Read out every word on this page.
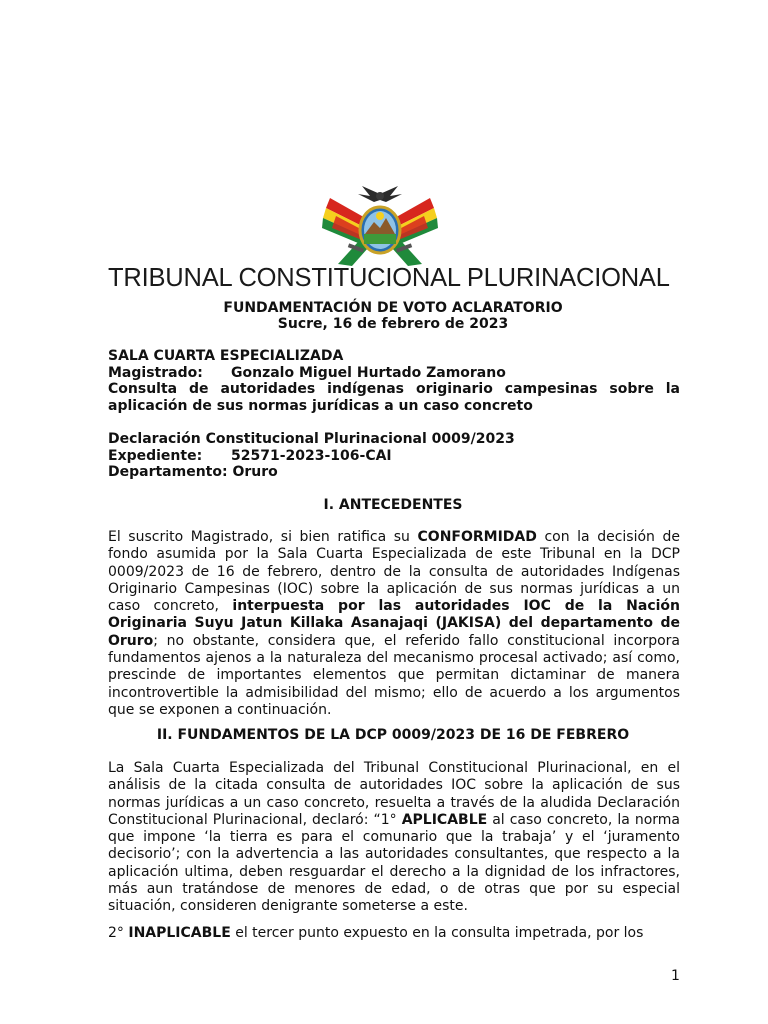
TRIBUNAL CONSTITUCIONAL PLURINACIONAL
FUNDAMENTACIÓN DE VOTO ACLARATORIO
Sucre, 16 de febrero de 2023
SALA CUARTA ESPECIALIZADA
Magistrado: Gonzalo Miguel Hurtado Zamorano
Consulta de autoridades indígenas originario campesinas sobre la aplicación de sus normas jurídicas a un caso concreto
Declaración Constitucional Plurinacional 0009/2023
Expediente: 52571-2023-106-CAI
Departamento: Oruro
I. ANTECEDENTES
El suscrito Magistrado, si bien ratifica su CONFORMIDAD con la decisión de fondo asumida por la Sala Cuarta Especializada de este Tribunal en la DCP 0009/2023 de 16 de febrero, dentro de la consulta de autoridades Indígenas Originario Campesinas (IOC) sobre la aplicación de sus normas jurídicas a un caso concreto, interpuesta por las autoridades IOC de la Nación Originaria Suyu Jatun Killaka Asanajaqi (JAKISA) del departamento de Oruro; no obstante, considera que, el referido fallo constitucional incorpora fundamentos ajenos a la naturaleza del mecanismo procesal activado; así como, prescinde de importantes elementos que permitan dictaminar de manera incontrovertible la admisibilidad del mismo; ello de acuerdo a los argumentos que se exponen a continuación.
II. FUNDAMENTOS DE LA DCP 0009/2023 DE 16 DE FEBRERO
La Sala Cuarta Especializada del Tribunal Constitucional Plurinacional, en el análisis de la citada consulta de autoridades IOC sobre la aplicación de sus normas jurídicas a un caso concreto, resuelta a través de la aludida Declaración Constitucional Plurinacional, declaró: “1° APLICABLE al caso concreto, la norma que impone ‘la tierra es para el comunario que la trabaja’ y el ‘juramento decisorio’; con la advertencia a las autoridades consultantes, que respecto a la aplicación ultima, deben resguardar el derecho a la dignidad de los infractores, más aun tratándose de menores de edad, o de otras que por su especial situación, consideren denigrante someterse a este.
2° INAPLICABLE el tercer punto expuesto en la consulta impetrada, por los
1
